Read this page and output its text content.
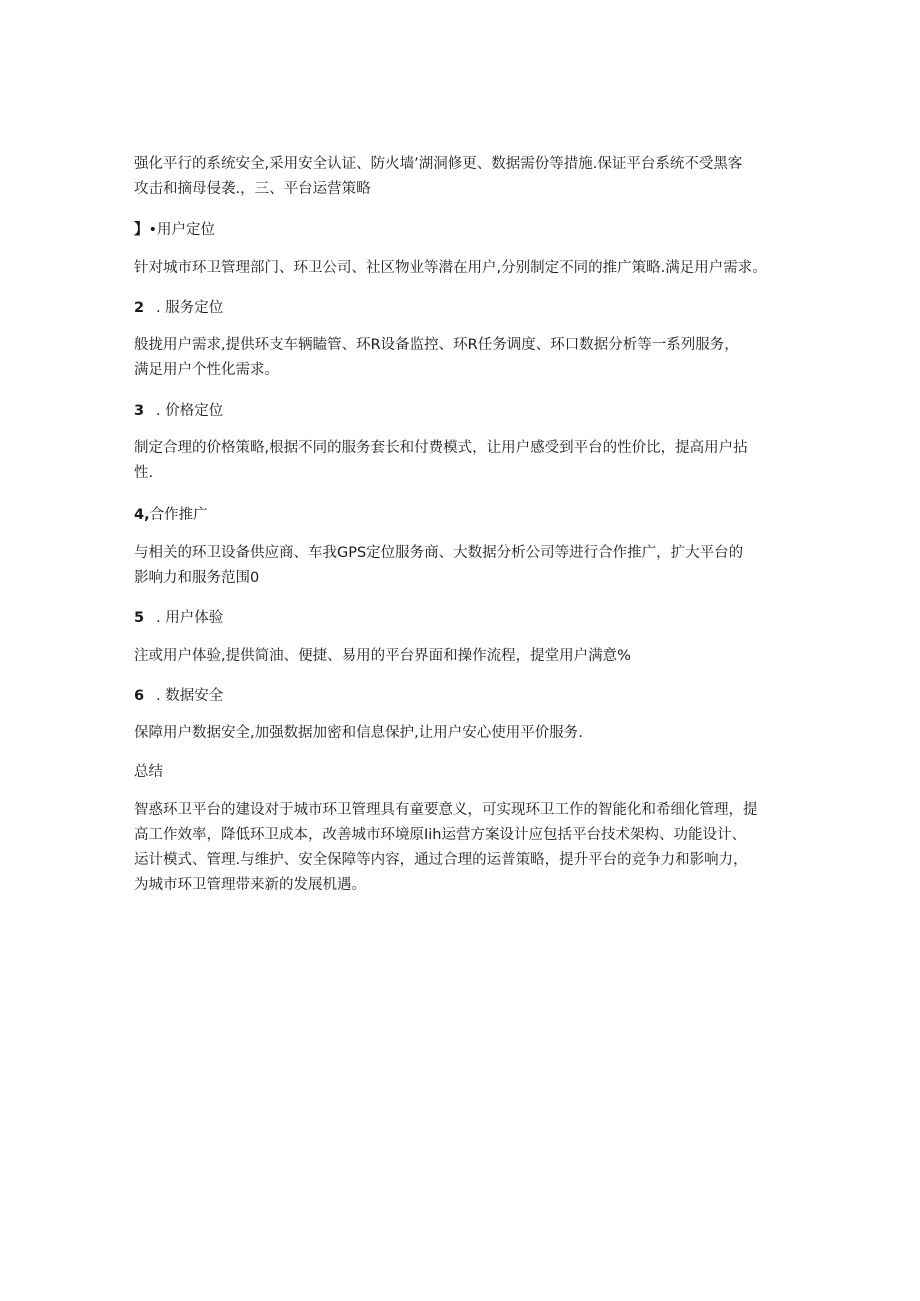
强化平行的系统安全,采用安全认证、防火墙’湖洞修更、数据需份等措施.保证平台系统不受黑客
攻击和摘母侵袭.，三、平台运营策略

】•用户定位

针对城市环卫管理部门、环卫公司、社区物业等潜在用户,分别制定不同的推广策略.满足用户需求。

2 . 服务定位

般拢用户需求,提供环支车辆瞌管、环R设备监控、环R任务调度、环口数据分析等一系列服务，
满足用户个性化需求。

3 . 价格定位

制定合理的价格策略,根据不同的服务套长和付费模式，让用户感受到平台的性价比，提高用户拈
性.

4,合作推广

与相关的环卫设备供应商、车我GPS定位服务商、大数据分析公司等进行合作推广，扩大平台的
影响力和服务范围0

5 . 用户体验

注或用户体验,提供简油、便捷、易用的平台界面和操作流程，提堂用户满意%

6 . 数据安全

保障用户数据安全,加强数据加密和信息保护,让用户安心使用平价服务.

总结

智惑环卫平台的建设对于城市环卫管理具有童要意义，可实现环卫工作的智能化和希细化管理，提
高工作效率，降低环卫成本，改善城市环境原Iih运营方案设计应包括平台技术架构、功能设计、
运计模式、管理.与维护、安全保障等内容，通过合理的运普策略，提升平台的竞争力和影响力，
为城市环卫管理带来新的发展机遇。
